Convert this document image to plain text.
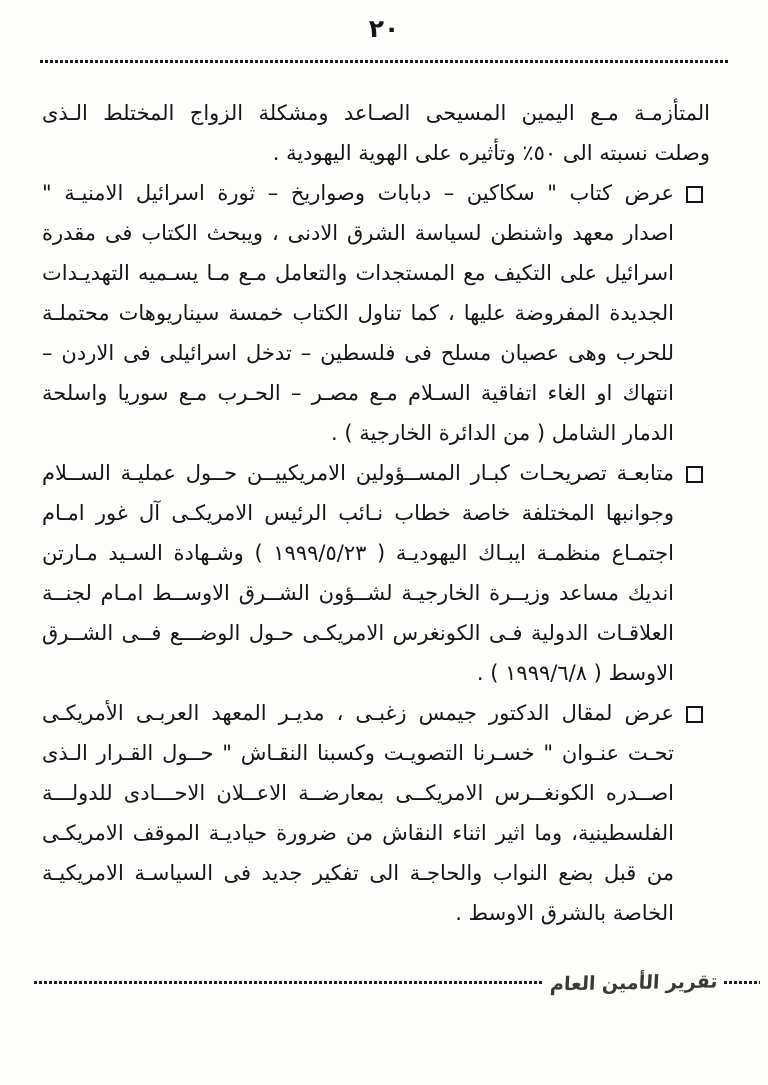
٢٠
المتأزمـة مـع اليمين المسيحى الصـاعد ومشكلة الزواج المختلط الـذى
وصلت نسبته الى ٥٠٪ وتأثيره على الهوية اليهودية .
عرض كتاب " سكاكين – دبابات وصواريخ – ثورة اسرائيل الامنيـة "
اصدار معهد واشنطن لسياسة الشرق الادنى ، ويبحث الكتاب فى مقدرة
اسرائيل على التكيف مع المستجدات والتعامل مـع مـا يسـميه التهديـدات
الجديدة المفروضة عليها ، كما تناول الكتاب خمسة سيناريوهات محتملـة
للحرب وهى عصيان مسلح فى فلسطين – تدخل اسرائيلى فى الاردن –
انتهاك او الغاء اتفاقية السـلام مـع مصـر – الحـرب مـع سوريا واسلحة
الدمار الشامل ( من الدائرة الخارجية ) .
متابعـة تصريحـات كبـار المســؤولين الامريكييــن حــول عمليـة الســلام
وجوانبها المختلفة خاصة خطاب نـائب الرئيس الامريكـى آل غور امـام
اجتمـاع منظمـة ايبـاك اليهوديـة ( ١٩٩٩/٥/٢٣ ) وشـهادة السـيد مـارتن
انديك مساعد وزيــرة الخارجيـة لشــؤون الشــرق الاوســط امـام لجنــة
العلاقـات الدولية فـى الكونغرس الامريكـى حـول الوضـــع فــى الشــرق
الاوسط ( ١٩٩٩/٦/٨ ) .
عرض لمقال الدكتور جيمس زغبـى ، مديـر المعهد العربـى الأمريكـى
تحـت عنـوان " خسـرنا التصويـت وكسبنا النقـاش " حــول القـرار الـذى
اصــدره الكونغــرس الامريكــى بمعارضــة الاعــلان الاحـــادى للدولـــة
الفلسطينية، وما اثير اثناء النقاش من ضرورة حياديـة الموقف الامريكـى
من قبل بضع النواب والحاجـة الى تفكير جديد فى السياسـة الامريكيـة
الخاصة بالشرق الاوسط .
تقرير الأمين العام
